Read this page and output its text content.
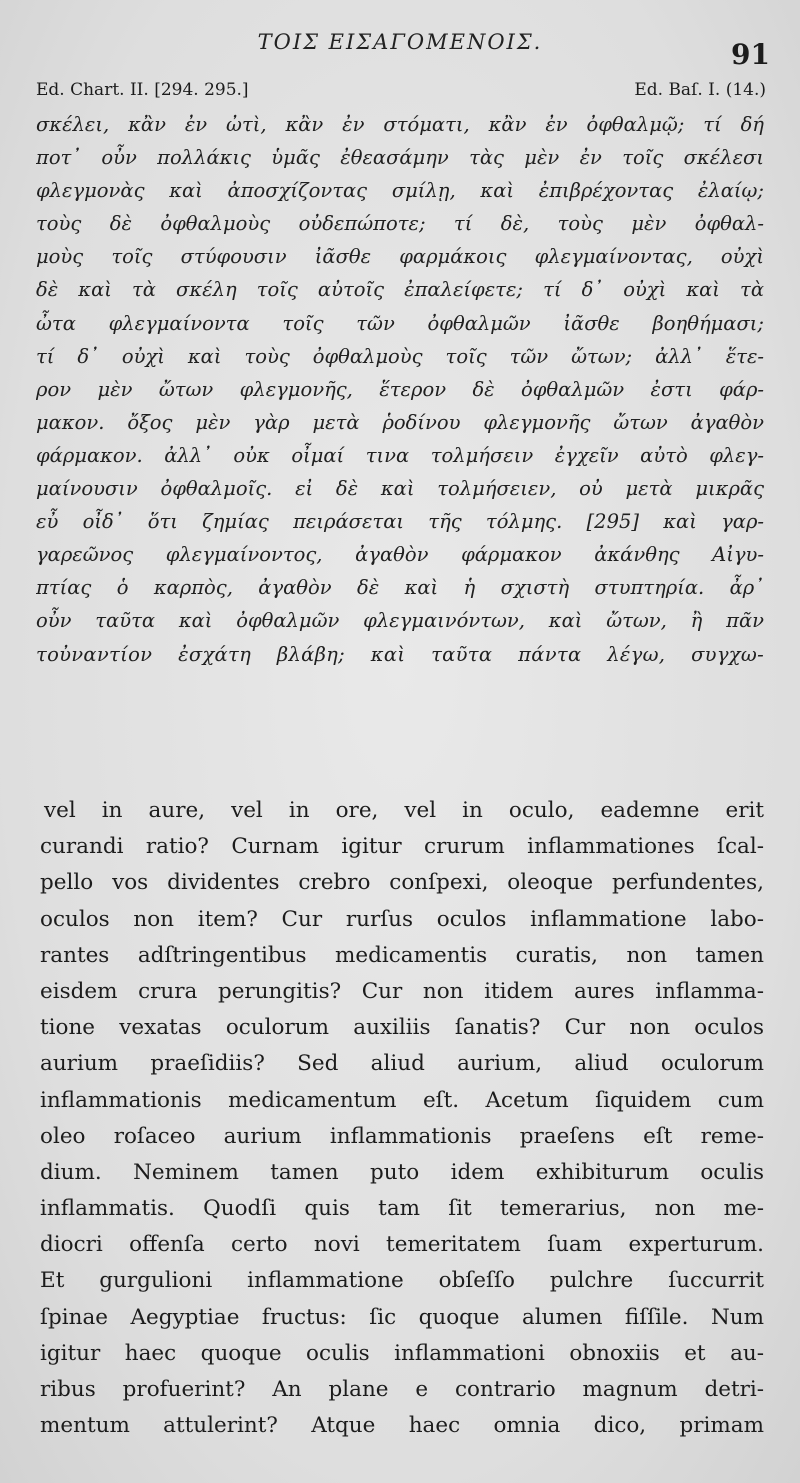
ΤΟΙΣ ΕΙΣΑΓΟΜΕΝΟΙΣ.	91
Ed. Chart. II. [294. 295.]	Ed. Baſ. I. (14.)
σκέλει, κἂν ἐν ὠτὶ, κἂν ἐν στόματι, κἂν ἐν ὀφθαλμῷ; τί δή
ποτ᾽ οὖν πολλάκις ὑμᾶς ἐθεασάμην τὰς μὲν ἐν τοῖς σκέλεσι
φλεγμονὰς καὶ ἀποσχίζοντας σμίλῃ, καὶ ἐπιβρέχοντας ἐλαίῳ;
τοὺς δὲ ὀφθαλμοὺς οὐδεπώποτε; τί δὲ, τοὺς μὲν ὀφθαλ-
μοὺς τοῖς στύφουσιν ἰᾶσθε φαρμάκοις φλεγμαίνοντας, οὐχὶ
δὲ καὶ τὰ σκέλη τοῖς αὐτοῖς ἐπαλείφετε; τί δ᾽ οὐχὶ καὶ τὰ
ὦτα φλεγμαίνοντα τοῖς τῶν ὀφθαλμῶν ἰᾶσθε βοηθήμασι;
τί δ᾽ οὐχὶ καὶ τοὺς ὀφθαλμοὺς τοῖς τῶν ὤτων; ἀλλ᾽ ἕτε-
ρον μὲν ὤτων φλεγμονῆς, ἕτερον δὲ ὀφθαλμῶν ἐστι φάρ-
μακον. ὄξος μὲν γὰρ μετὰ ῥοδίνου φλεγμονῆς ὤτων ἀγαθὸν
φάρμακον. ἀλλ᾽ οὐκ οἶμαί τινα τολμήσειν ἐγχεῖν αὐτὸ φλεγ-
μαίνουσιν ὀφθαλμοῖς. εἰ δὲ καὶ τολμήσειεν, οὐ μετὰ μικρᾶς
εὖ οἶδ᾽ ὅτι ζημίας πειράσεται τῆς τόλμης. [295] καὶ γαρ-
γαρεῶνος φλεγμαίνοντος, ἀγαθὸν φάρμακον ἀκάνθης Αἰγυ-
πτίας ὁ καρπὸς, ἀγαθὸν δὲ καὶ ἡ σχιστὴ στυπτηρία. ἆρ᾽
οὖν ταῦτα καὶ ὀφθαλμῶν φλεγμαινόντων, καὶ ὤτων, ἢ πᾶν
τοὐναντίον ἐσχάτη βλάβη; καὶ ταῦτα πάντα λέγω, συγχω-
vel in aure, vel in ore, vel in oculo, eademne erit
curandi ratio? Curnam igitur crurum inflammationes ſcal-
pello vos dividentes crebro conſpexi, oleoque perfundentes,
oculos non item? Cur rurſus oculos inflammatione labo-
rantes adſtringentibus medicamentis curatis, non tamen
eisdem crura perungitis? Cur non itidem aures inflamma-
tione vexatas oculorum auxiliis ſanatis? Cur non oculos
aurium praeſidiis? Sed aliud aurium, aliud oculorum
inflammationis medicamentum eſt. Acetum ſiquidem cum
oleo roſaceo aurium inflammationis praeſens eſt reme-
dium. Neminem tamen puto idem exhibiturum oculis
inflammatis. Quodſi quis tam ſit temerarius, non me-
diocri offenſa certo novi temeritatem ſuam experturum.
Et gurgulioni inflammatione obſeſſo pulchre ſuccurrit
ſpinae Aegyptiae fructus: ſic quoque alumen fiſſile. Num
igitur haec quoque oculis inflammationi obnoxiis et au-
ribus profuerint? An plane e contrario magnum detri-
mentum attulerint? Atque haec omnia dico, primam
